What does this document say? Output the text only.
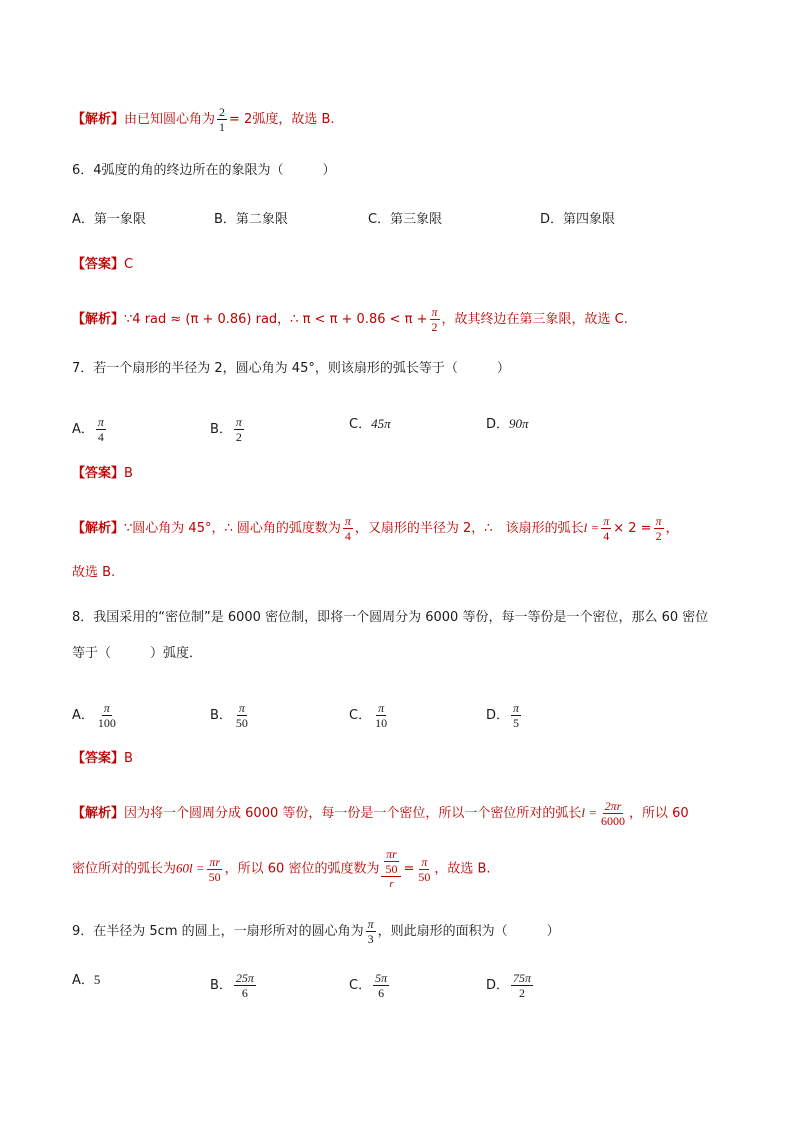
【解析】由已知圆心角为 $\frac{2}{1} = 2$弧度，故选 B.
6．4弧度的角的终边所在的象限为（　　　）
A．第一象限	B．第二象限	C．第三象限	D．第四象限
【答案】C
【解析】∵4 rad ≈ (π + 0.86) rad，∴ $\pi < \pi + 0.86 < \pi + \frac{\pi}{2}$ ，故其终边在第三象限，故选 C.
7．若一个扇形的半径为 2，圆心角为 45°，则该扇形的弧长等于（　　　）
A． $\frac{\pi}{4}$	B． $\frac{\pi}{2}$	C．45π	D．90π
【答案】B
【解析】∵圆心角为 45°，∴ 圆心角的弧度数为 $\frac{\pi}{4}$ ，又扇形的半径为 2，∴　该扇形的弧长$l = \frac{\pi}{4} \times 2 = \frac{\pi}{2}$ ，
故选 B.
8．我国采用的“密位制”是 6000 密位制，即将一个圆周分为 6000 等份，每一等份是一个密位，那么 60 密位
等于（　　　）弧度．
A． $\frac{\pi}{100}$	B． $\frac{\pi}{50}$	C． $\frac{\pi}{10}$	D． $\frac{\pi}{5}$
【答案】B
【解析】因为将一个圆周分成 6000 等份，每一份是一个密位，所以一个密位所对的弧长$l = \frac{2\pi r}{6000}$ ，所以 60
密位所对的弧长为$60l = \frac{\pi r}{50}$ ，所以 60 密位的弧度数为 $\frac{\frac{\pi r}{50}}{r} = \frac{\pi}{50}$ ，故选 B.
9．在半径为 5cm 的圆上，一扇形所对的圆心角为 $\frac{\pi}{3}$ ，则此扇形的面积为（　　　）
A．5	B． $\frac{25\pi}{6}$	C． $\frac{5\pi}{6}$	D． $\frac{75\pi}{2}$
